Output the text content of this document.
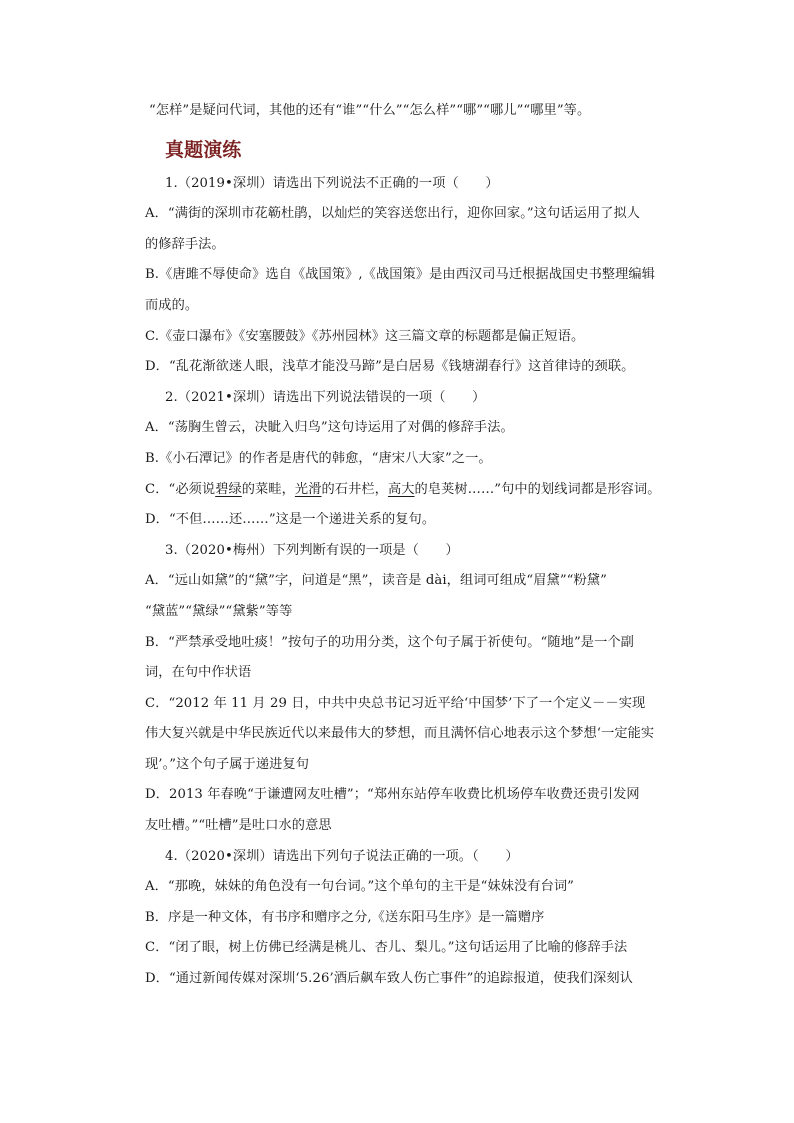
“怎样”是疑问代词，其他的还有“谁”“什么”“怎么样”“哪”“哪儿”“哪里”等。
真题演练
1.（2019•深圳）请选出下列说法不正确的一项（　　）
A．“满街的深圳市花簕杜鹃，以灿烂的笑容送您出行，迎你回家。”这句话运用了拟人
的修辞手法。
B.《唐雎不辱使命》选自《战国策》,《战国策》是由西汉司马迁根据战国史书整理编辑
而成的。
C.《壶口瀑布》《安塞腰鼓》《苏州园林》这三篇文章的标题都是偏正短语。
D．“乱花渐欲迷人眼，浅草才能没马蹄”是白居易《钱塘湖春行》这首律诗的颈联。
2.（2021•深圳）请选出下列说法错误的一项（　　）
A．“荡胸生曾云，决眦入归鸟”这句诗运用了对偶的修辞手法。
B.《小石潭记》的作者是唐代的韩愈，“唐宋八大家”之一。
C．“必须说碧绿的菜畦，光滑的石井栏，高大的皂荚树……”句中的划线词都是形容词。
D．“不但……还……”这是一个递进关系的复句。
3.（2020•梅州）下列判断有误的一项是（　　）
A．“远山如黛”的“黛”字，问道是“黑”，读音是 dài，组词可组成“眉黛”“粉黛”
“黛蓝”“黛绿”“黛紫”等等
B．“严禁承受地吐痰！”按句子的功用分类，这个句子属于祈使句。“随地”是一个副
词，在句中作状语
C．“2012 年 11 月 29 日，中共中央总书记习近平给‘中国梦’下了一个定义－－实现
伟大复兴就是中华民族近代以来最伟大的梦想，而且满怀信心地表示这个梦想‘一定能实
现’。”这个句子属于递进复句
D．2013 年春晚“于谦遭网友吐槽”；“郑州东站停车收费比机场停车收费还贵引发网
友吐槽。”“吐槽”是吐口水的意思
4.（2020•深圳）请选出下列句子说法正确的一项。（　　）
A．“那晚，妹妹的角色没有一句台词。”这个单句的主干是“妹妹没有台词”
B．序是一种文体，有书序和赠序之分,《送东阳马生序》是一篇赠序
C．“闭了眼，树上仿佛已经满是桃儿、杏儿、梨儿。”这句话运用了比喻的修辞手法
D．“通过新闻传媒对深圳‘5.26’酒后飙车致人伤亡事件”的追踪报道，使我们深刻认
